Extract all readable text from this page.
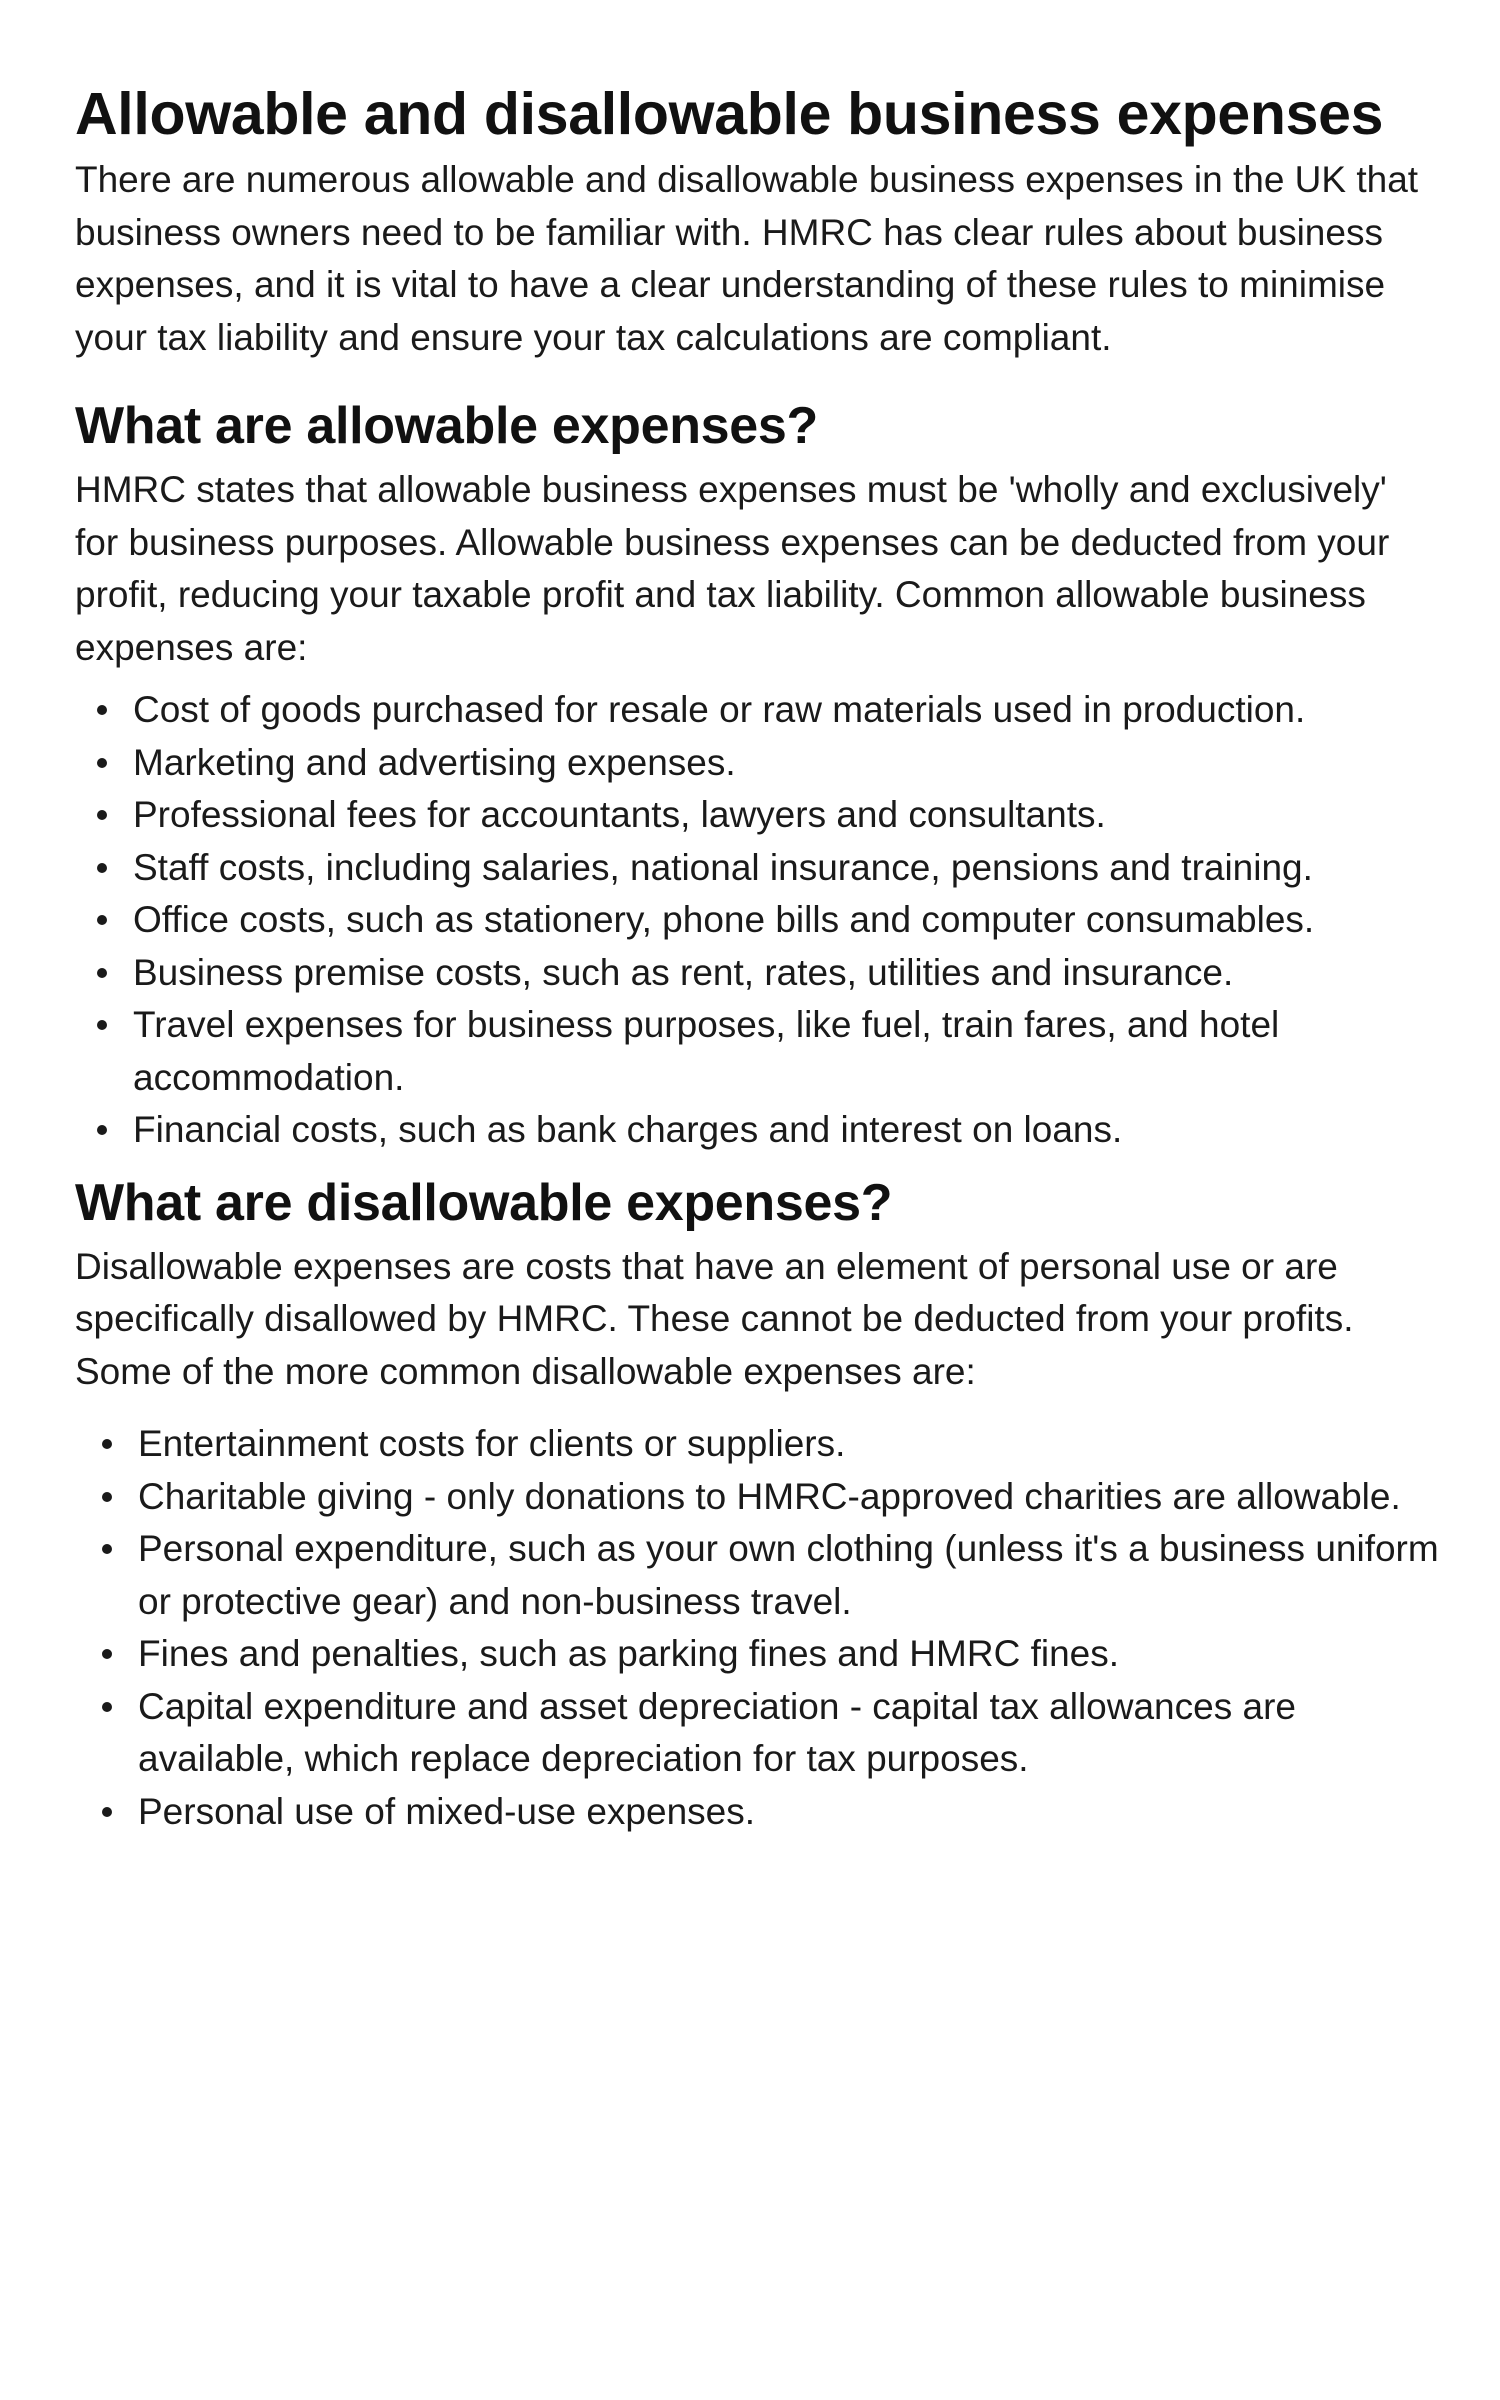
Allowable and disallowable business expenses

There are numerous allowable and disallowable business expenses in the UK that business owners need to be familiar with. HMRC has clear rules about business expenses, and it is vital to have a clear understanding of these rules to minimise your tax liability and ensure your tax calculations are compliant.

What are allowable expenses?

HMRC states that allowable business expenses must be 'wholly and exclusively' for business purposes. Allowable business expenses can be deducted from your profit, reducing your taxable profit and tax liability. Common allowable business expenses are:

Cost of goods purchased for resale or raw materials used in production.
Marketing and advertising expenses.
Professional fees for accountants, lawyers and consultants.
Staff costs, including salaries, national insurance, pensions and training.
Office costs, such as stationery, phone bills and computer consumables.
Business premise costs, such as rent, rates, utilities and insurance.
Travel expenses for business purposes, like fuel, train fares, and hotel accommodation.
Financial costs, such as bank charges and interest on loans.
What are disallowable expenses?

Disallowable expenses are costs that have an element of personal use or are specifically disallowed by HMRC. These cannot be deducted from your profits. Some of the more common disallowable expenses are:

Entertainment costs for clients or suppliers.
Charitable giving - only donations to HMRC-approved charities are allowable.
Personal expenditure, such as your own clothing (unless it's a business uniform or protective gear) and non-business travel.
Fines and penalties, such as parking fines and HMRC fines.
Capital expenditure and asset depreciation - capital tax allowances are available, which replace depreciation for tax purposes.
Personal use of mixed-use expenses.
